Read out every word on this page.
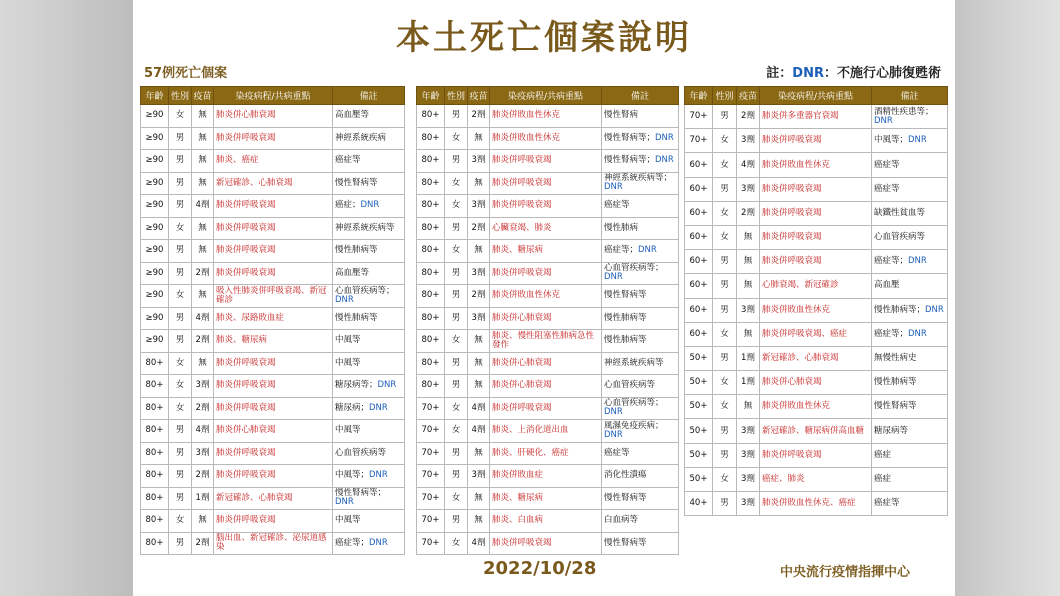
本土死亡個案說明
57例死亡個案	註：DNR：不施行心肺復甦術
年齡	性別	疫苗	染疫病程/共病重點	備註
≥90	女	無	肺炎併心肺衰竭	高血壓等
≥90	男	無	肺炎併呼吸衰竭	神經系統疾病
≥90	男	無	肺炎、癌症	癌症等
≥90	男	無	新冠確診、心肺衰竭	慢性腎病等
≥90	男	4劑	肺炎併呼吸衰竭	癌症；DNR
≥90	女	無	肺炎併呼吸衰竭	神經系統疾病等
≥90	男	無	肺炎併呼吸衰竭	慢性肺病等
≥90	男	2劑	肺炎併呼吸衰竭	高血壓等
≥90	女	無	吸入性肺炎併呼吸衰竭、新冠確診	心血管疾病等；DNR
≥90	男	4劑	肺炎、尿路敗血症	慢性肺病等
≥90	男	2劑	肺炎、糖尿病	中風等
80+	女	無	肺炎併呼吸衰竭	中風等
80+	女	3劑	肺炎併呼吸衰竭	糖尿病等；DNR
80+	女	2劑	肺炎併呼吸衰竭	糖尿病；DNR
80+	男	4劑	肺炎併心肺衰竭	中風等
80+	男	3劑	肺炎併呼吸衰竭	心血管疾病等
80+	男	2劑	肺炎併呼吸衰竭	中風等；DNR
80+	男	1劑	新冠確診、心肺衰竭	慢性腎病等；DNR
80+	女	無	肺炎併呼吸衰竭	中風等
80+	男	2劑	腦出血、新冠確診、泌尿道感染	癌症等；DNR
年齡	性別	疫苗	染疫病程/共病重點	備註
80+	男	2劑	肺炎併敗血性休克	慢性腎病
80+	女	無	肺炎併敗血性休克	慢性腎病等；DNR
80+	男	3劑	肺炎併呼吸衰竭	慢性腎病等；DNR
80+	女	無	肺炎併呼吸衰竭	神經系統疾病等；DNR
80+	女	3劑	肺炎併呼吸衰竭	癌症等
80+	男	2劑	心臟衰竭、肺炎	慢性肺病
80+	女	無	肺炎、糖尿病	癌症等；DNR
80+	男	3劑	肺炎併呼吸衰竭	心血管疾病等；DNR
80+	男	2劑	肺炎併敗血性休克	慢性腎病等
80+	男	3劑	肺炎併心肺衰竭	慢性肺病等
80+	女	無	肺炎、慢性阻塞性肺病急性發作	慢性肺病等
80+	男	無	肺炎併心肺衰竭	神經系統疾病等
80+	男	無	肺炎併心肺衰竭	心血管疾病等
70+	女	4劑	肺炎併呼吸衰竭	心血管疾病等；DNR
70+	女	4劑	肺炎、上消化道出血	風濕免疫疾病；DNR
70+	男	無	肺炎、肝硬化、癌症	癌症等
70+	男	3劑	肺炎併敗血症	消化性潰瘍
70+	女	無	肺炎、糖尿病	慢性腎病等
70+	男	無	肺炎、白血病	白血病等
70+	女	4劑	肺炎併呼吸衰竭	慢性腎病等
年齡	性別	疫苗	染疫病程/共病重點	備註
70+	男	2劑	肺炎併多重器官衰竭	酒精性疾患等；DNR
70+	女	3劑	肺炎併呼吸衰竭	中風等；DNR
60+	女	4劑	肺炎併敗血性休克	癌症等
60+	男	3劑	肺炎併呼吸衰竭	癌症等
60+	女	2劑	肺炎併呼吸衰竭	缺鐵性貧血等
60+	女	無	肺炎併呼吸衰竭	心血管疾病等
60+	男	無	肺炎併呼吸衰竭	癌症等；DNR
60+	男	無	心肺衰竭、新冠確診	高血壓
60+	男	3劑	肺炎併敗血性休克	慢性肺病等；DNR
60+	女	無	肺炎併呼吸衰竭、癌症	癌症等；DNR
50+	男	1劑	新冠確診、心肺衰竭	無慢性病史
50+	女	1劑	肺炎併心肺衰竭	慢性肺病等
50+	女	無	肺炎併敗血性休克	慢性腎病等
50+	男	3劑	新冠確診、糖尿病併高血糖	糖尿病等
50+	男	3劑	肺炎併呼吸衰竭	癌症
50+	女	3劑	癌症、肺炎	癌症
40+	男	3劑	肺炎併敗血性休克、癌症	癌症等
2022/10/28	中央流行疫情指揮中心
